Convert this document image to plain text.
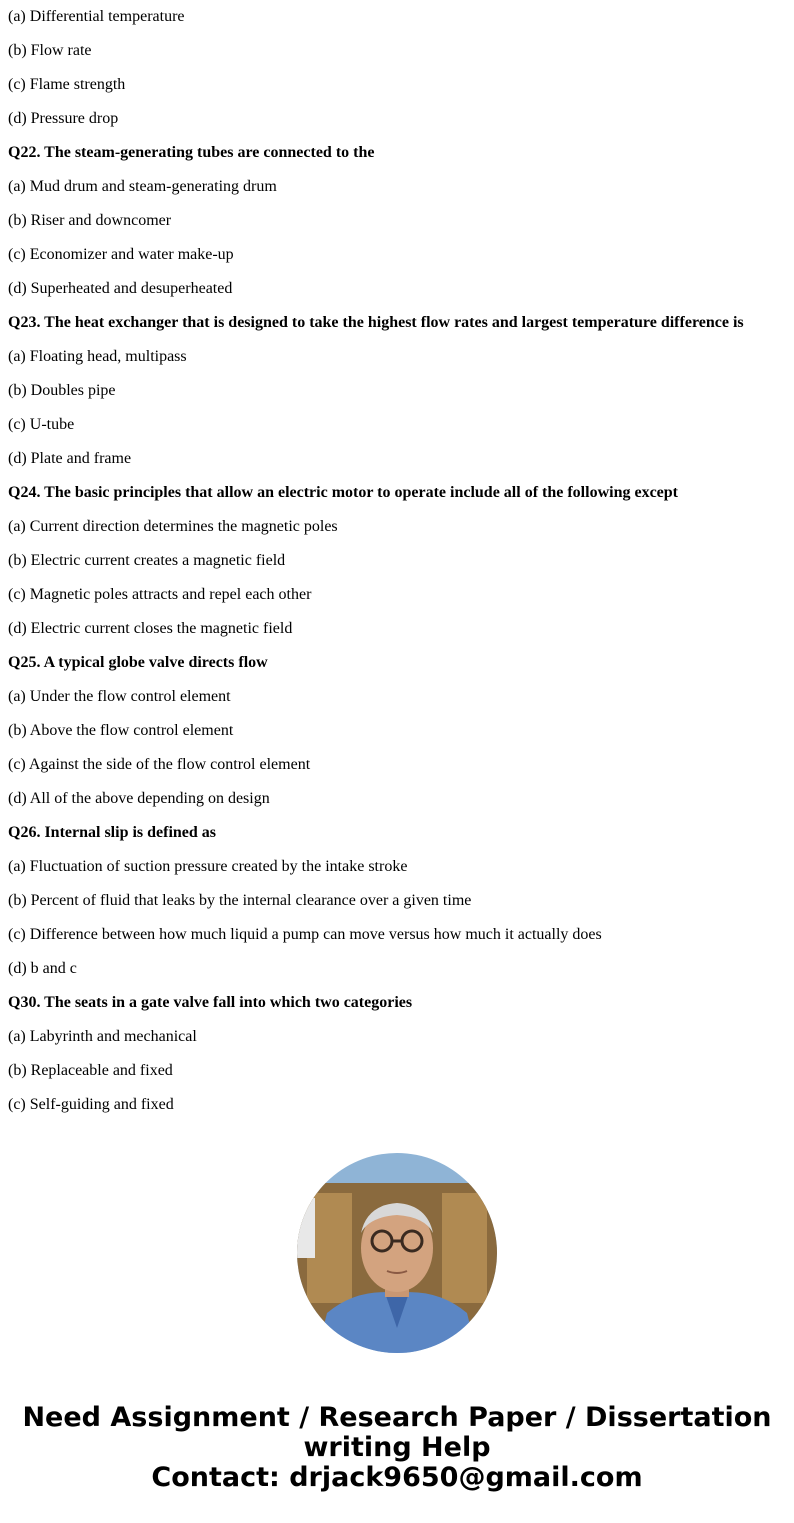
(a) Differential temperature
(b) Flow rate
(c) Flame strength
(d) Pressure drop
Q22. The steam-generating tubes are connected to the
(a) Mud drum and steam-generating drum
(b) Riser and downcomer
(c) Economizer and water make-up
(d) Superheated and desuperheated
Q23. The heat exchanger that is designed to take the highest flow rates and largest temperature difference is
(a) Floating head, multipass
(b) Doubles pipe
(c) U-tube
(d) Plate and frame
Q24. The basic principles that allow an electric motor to operate include all of the following except
(a) Current direction determines the magnetic poles
(b) Electric current creates a magnetic field
(c) Magnetic poles attracts and repel each other
(d) Electric current closes the magnetic field
Q25. A typical globe valve directs flow
(a) Under the flow control element
(b) Above the flow control element
(c) Against the side of the flow control element
(d) All of the above depending on design
Q26. Internal slip is defined as
(a) Fluctuation of suction pressure created by the intake stroke
(b) Percent of fluid that leaks by the internal clearance over a given time
(c) Difference between how much liquid a pump can move versus how much it actually does
(d) b and c
Q30. The seats in a gate valve fall into which two categories
(a) Labyrinth and mechanical
(b) Replaceable and fixed
(c) Self-guiding and fixed
Need Assignment / Research Paper / Dissertation
writing Help
Contact: drjack9650@gmail.com
